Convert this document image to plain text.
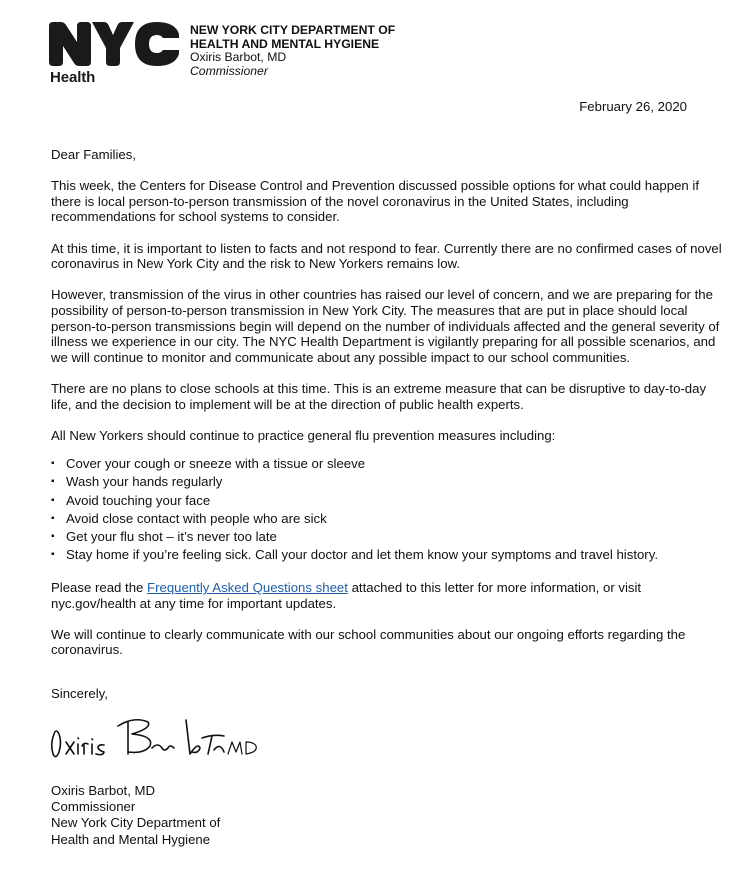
Health
NEW YORK CITY DEPARTMENT OF
HEALTH AND MENTAL HYGIENE
Oxiris Barbot, MD
Commissioner
February 26, 2020

Dear Families,

This week, the Centers for Disease Control and Prevention discussed possible options for what could happen if there is local person-to-person transmission of the novel coronavirus in the United States, including recommendations for school systems to consider.

At this time, it is important to listen to facts and not respond to fear. Currently there are no confirmed cases of novel coronavirus in New York City and the risk to New Yorkers remains low.

However, transmission of the virus in other countries has raised our level of concern, and we are preparing for the possibility of person-to-person transmission in New York City. The measures that are put in place should local person-to-person transmissions begin will depend on the number of individuals affected and the general severity of illness we experience in our city. The NYC Health Department is vigilantly preparing for all possible scenarios, and we will continue to monitor and communicate about any possible impact to our school communities.

There are no plans to close schools at this time. This is an extreme measure that can be disruptive to day-to-day life, and the decision to implement will be at the direction of public health experts.

All New Yorkers should continue to practice general flu prevention measures including:

▪ Cover your cough or sneeze with a tissue or sleeve
▪ Wash your hands regularly
▪ Avoid touching your face
▪ Avoid close contact with people who are sick
▪ Get your flu shot – it’s never too late
▪ Stay home if you’re feeling sick. Call your doctor and let them know your symptoms and travel history.

Please read the Frequently Asked Questions sheet attached to this letter for more information, or visit nyc.gov/health at any time for important updates.

We will continue to clearly communicate with our school communities about our ongoing efforts regarding the coronavirus.

Sincerely,
Oxiris Barbot, MD
Commissioner
New York City Department of
Health and Mental Hygiene
